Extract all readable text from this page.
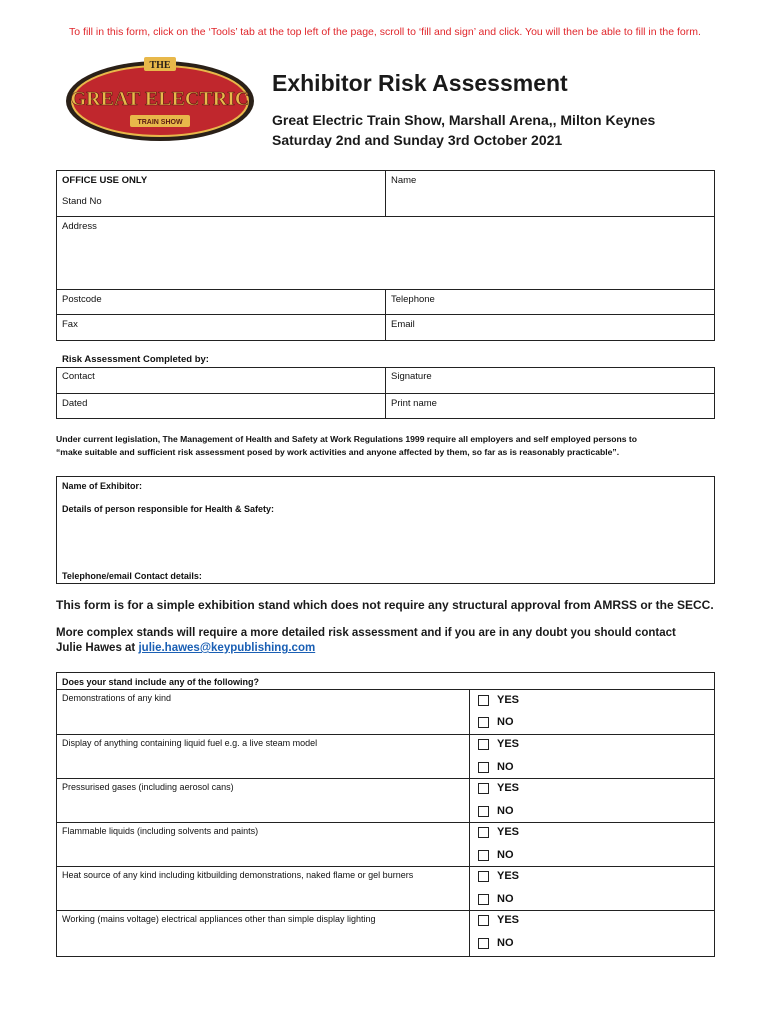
To fill in this form, click on the ‘Tools’ tab at the top left of the page, scroll to ‘fill and sign’ and click. You will then be able to fill in the form.
THE
GREAT ELECTRIC
TRAIN SHOW
Exhibitor Risk Assessment
Great Electric Train Show, Marshall Arena,, Milton Keynes
Saturday 2nd and Sunday 3rd October 2021
OFFICE USE ONLY	Name
Stand No
Address
Postcode	Telephone
Fax	Email
Risk Assessment Completed by:
Contact	Signature
Dated	Print name
Under current legislation, The Management of Health and Safety at Work Regulations 1999 require all employers and self employed persons to
“make suitable and sufficient risk assessment posed by work activities and anyone affected by them, so far as is reasonably practicable”.
Name of Exhibitor:
Details of person responsible for Health & Safety:
Telephone/email Contact details:
This form is for a simple exhibition stand which does not require any structural approval from AMRSS or the SECC.
More complex stands will require a more detailed risk assessment and if you are in any doubt you should contact
Julie Hawes at julie.hawes@keypublishing.com
Does your stand include any of the following?
Demonstrations of any kind	YES
NO
Display of anything containing liquid fuel e.g. a live steam model	YES
NO
Pressurised gases (including aerosol cans)	YES
NO
Flammable liquids (including solvents and paints)	YES
NO
Heat source of any kind including kitbuilding demonstrations, naked flame or gel burners	YES
NO
Working (mains voltage) electrical appliances other than simple display lighting	YES
NO
